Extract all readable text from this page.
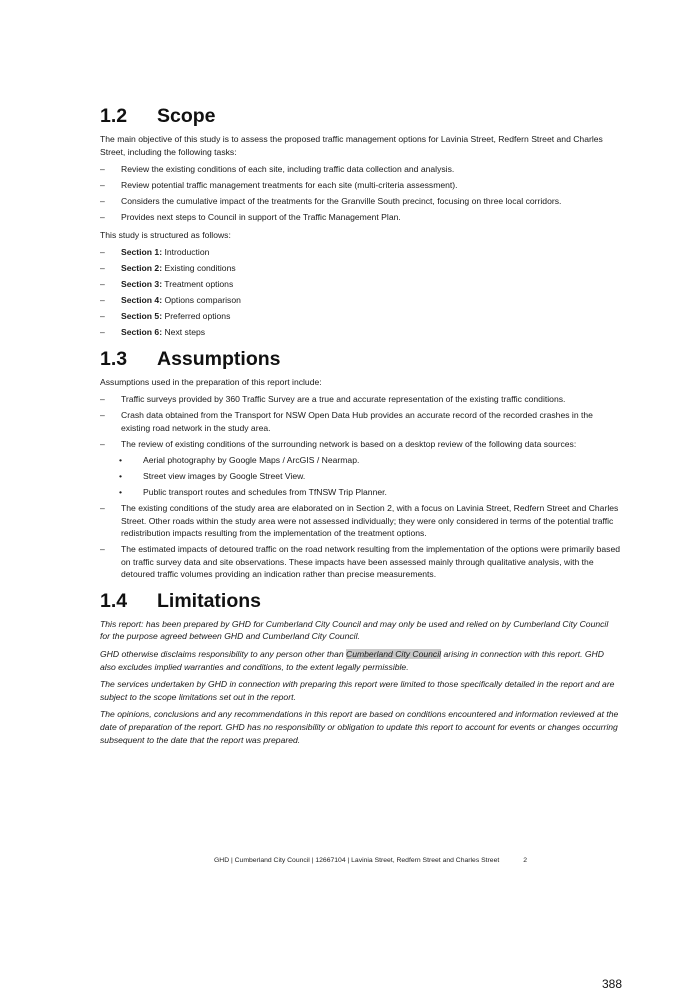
1.2	Scope

The main objective of this study is to assess the proposed traffic management options for Lavinia Street, Redfern Street and Charles Street, including the following tasks:

– Review the existing conditions of each site, including traffic data collection and analysis.
– Review potential traffic management treatments for each site (multi-criteria assessment).
– Considers the cumulative impact of the treatments for the Granville South precinct, focusing on three local corridors.
– Provides next steps to Council in support of the Traffic Management Plan.

This study is structured as follows:

– Section 1: Introduction
– Section 2: Existing conditions
– Section 3: Treatment options
– Section 4: Options comparison
– Section 5: Preferred options
– Section 6: Next steps
1.3	Assumptions

Assumptions used in the preparation of this report include:

– Traffic surveys provided by 360 Traffic Survey are a true and accurate representation of the existing traffic conditions.
– Crash data obtained from the Transport for NSW Open Data Hub provides an accurate record of the recorded crashes in the existing road network in the study area.
– The review of existing conditions of the surrounding network is based on a desktop review of the following data sources:
• Aerial photography by Google Maps / ArcGIS / Nearmap.
• Street view images by Google Street View.
• Public transport routes and schedules from TfNSW Trip Planner.
– The existing conditions of the study area are elaborated on in Section 2, with a focus on Lavinia Street, Redfern Street and Charles Street. Other roads within the study area were not assessed individually; they were only considered in terms of the potential traffic redistribution impacts resulting from the implementation of the treatment options.
– The estimated impacts of detoured traffic on the road network resulting from the implementation of the options were primarily based on traffic survey data and site observations. These impacts have been assessed mainly through qualitative analysis, with the detoured traffic volumes providing an indication rather than precise measurements.
1.4	Limitations

This report: has been prepared by GHD for Cumberland City Council and may only be used and relied on by Cumberland City Council for the purpose agreed between GHD and Cumberland City Council.

GHD otherwise disclaims responsibility to any person other than Cumberland City Council arising in connection with this report. GHD also excludes implied warranties and conditions, to the extent legally permissible.

The services undertaken by GHD in connection with preparing this report were limited to those specifically detailed in the report and are subject to the scope limitations set out in the report.

The opinions, conclusions and any recommendations in this report are based on conditions encountered and information reviewed at the date of preparation of the report. GHD has no responsibility or obligation to update this report to account for events or changes occurring subsequent to the date that the report was prepared.

GHD | Cumberland City Council | 12667104 | Lavinia Street, Redfern Street and Charles Street	2
388
